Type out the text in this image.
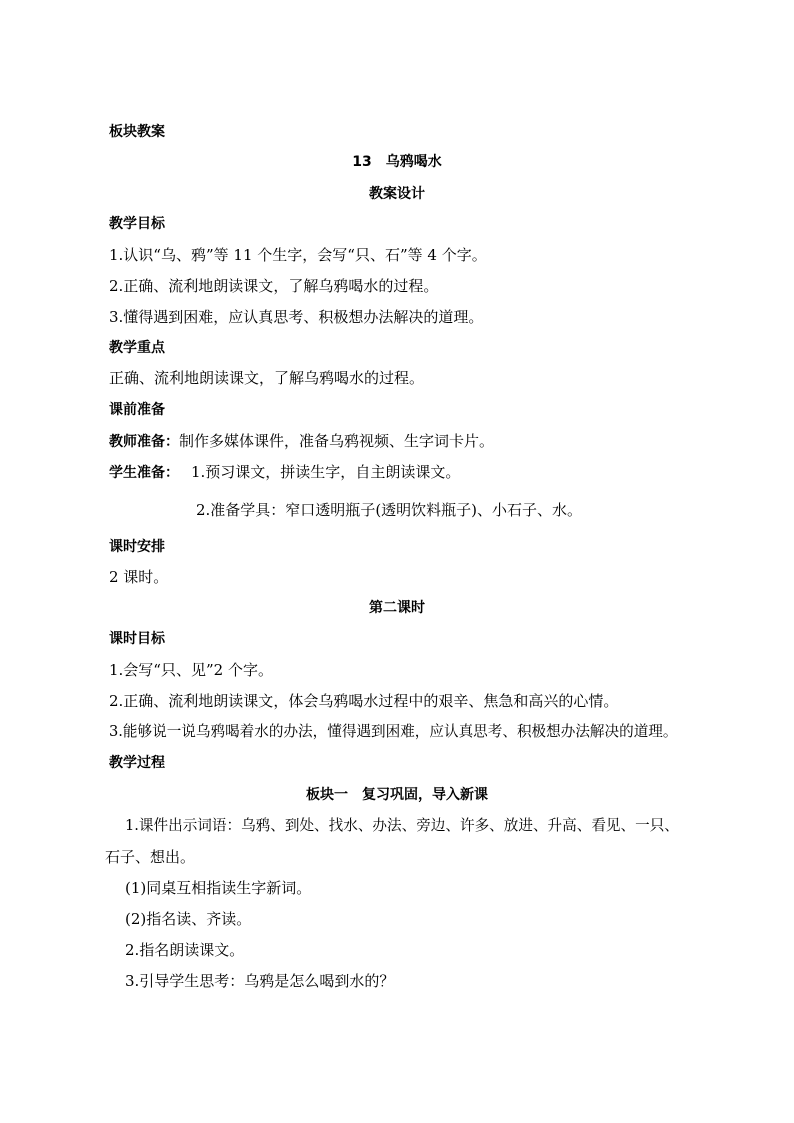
板块教案
13　乌鸦喝水
教案设计
教学目标
1.认识“乌、鸦”等 11 个生字，会写“只、石”等 4 个字。
2.正确、流利地朗读课文，了解乌鸦喝水的过程。
3.懂得遇到困难，应认真思考、积极想办法解决的道理。
教学重点
正确、流利地朗读课文，了解乌鸦喝水的过程。
课前准备
教师准备：制作多媒体课件，准备乌鸦视频、生字词卡片。
学生准备： 1.预习课文，拼读生字，自主朗读课文。
2.准备学具：窄口透明瓶子(透明饮料瓶子)、小石子、水。
课时安排
2 课时。
第二课时
课时目标
1.会写“只、见”2 个字。
2.正确、流利地朗读课文，体会乌鸦喝水过程中的艰辛、焦急和高兴的心情。
3.能够说一说乌鸦喝着水的办法，懂得遇到困难，应认真思考、积极想办法解决的道理。
教学过程
板块一　复习巩固，导入新课
1.课件出示词语：乌鸦、到处、找水、办法、旁边、许多、放进、升高、看见、一只、
石子、想出。
(1)同桌互相指读生字新词。
(2)指名读、齐读。
2.指名朗读课文。
3.引导学生思考：乌鸦是怎么喝到水的？
